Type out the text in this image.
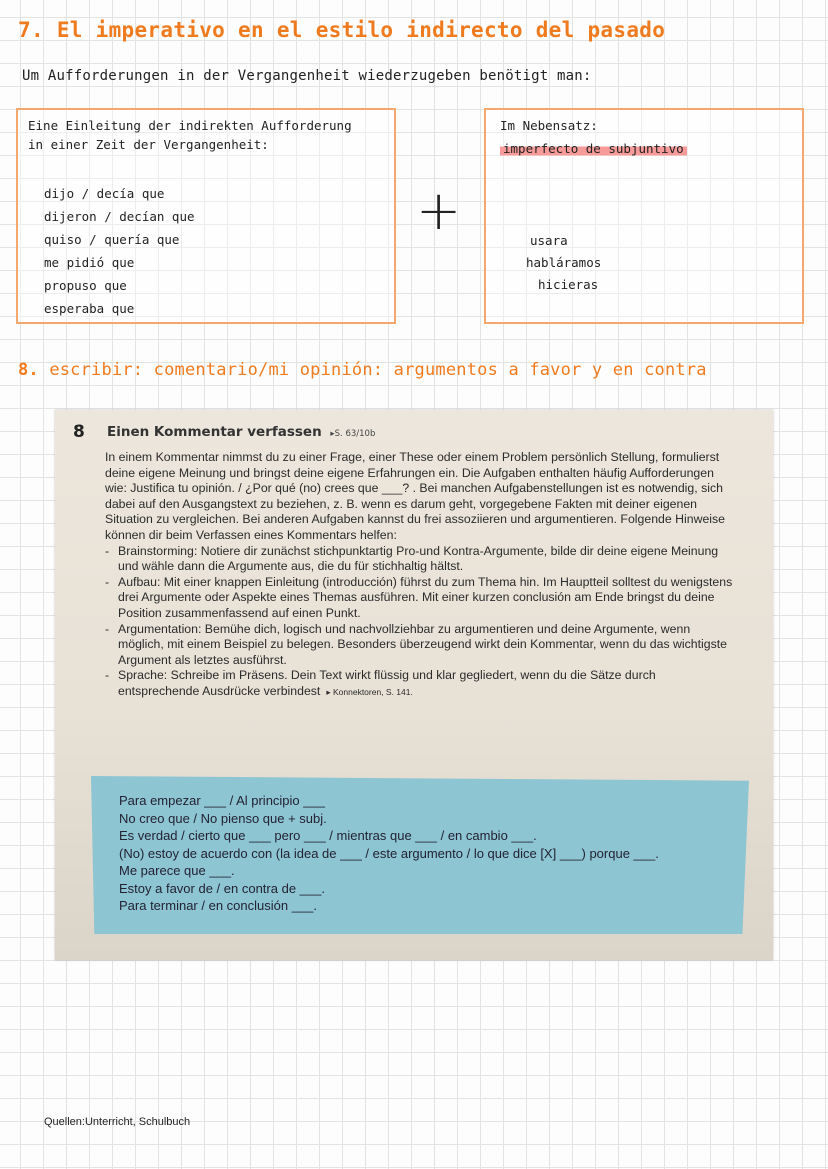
7. El imperativo en el estilo indirecto del pasado
Um Aufforderungen in der Vergangenheit wiederzugeben benötigt man:
Eine Einleitung der indirekten Aufforderung
in einer Zeit der Vergangenheit:
dijo / decía que
dijeron / decían que
quiso / quería que
me pidió que
propuso que
esperaba que
+
Im Nebensatz:
imperfecto de subjuntivo
usara
habláramos
hicieras
8. escribir: comentario/mi opinión: argumentos a favor y en contra
8 Einen Kommentar verfassen ▸S. 63/10b

In einem Kommentar nimmst du zu einer Frage, einer These oder einem Problem persönlich Stellung, formulierst deine eigene Meinung und bringst deine eigene Erfahrungen ein. Die Aufgaben enthalten häufig Aufforderungen wie: Justifica tu opinión. / ¿Por qué (no) crees que ___? . Bei manchen Aufgabenstellungen ist es notwendig, sich dabei auf den Ausgangstext zu beziehen, z. B. wenn es darum geht, vorgegebene Fakten mit deiner eigenen Situation zu vergleichen. Bei anderen Aufgaben kannst du frei assoziieren und argumentieren. Folgende Hinweise können dir beim Verfassen eines Kommentars helfen:

- Brainstorming: Notiere dir zunächst stichpunktartig Pro-und Kontra-Argumente, bilde dir deine eigene Meinung und wähle dann die Argumente aus, die du für stichhaltig hältst.
- Aufbau: Mit einer knappen Einleitung (introducción) führst du zum Thema hin. Im Hauptteil solltest du wenigstens drei Argumente oder Aspekte eines Themas ausführen. Mit einer kurzen conclusión am Ende bringst du deine Position zusammenfassend auf einen Punkt.
- Argumentation: Bemühe dich, logisch und nachvollziehbar zu argumentieren und deine Argumente, wenn möglich, mit einem Beispiel zu belegen. Besonders überzeugend wirkt dein Kommentar, wenn du das wichtigste Argument als letztes ausführst.
- Sprache: Schreibe im Präsens. Dein Text wirkt flüssig und klar gegliedert, wenn du die Sätze durch entsprechende Ausdrücke verbindest ▸ Konnektoren, S. 141.
Para empezar ___ / Al principio ___
No creo que / No pienso que + subj.
Es verdad / cierto que ___ pero ___ / mientras que ___ / en cambio ___.
(No) estoy de acuerdo con (la idea de ___ / este argumento / lo que dice [X] ___) porque ___.
Me parece que ___.
Estoy a favor de / en contra de ___.
Para terminar / en conclusión ___.
Quellen:Unterricht, Schulbuch
